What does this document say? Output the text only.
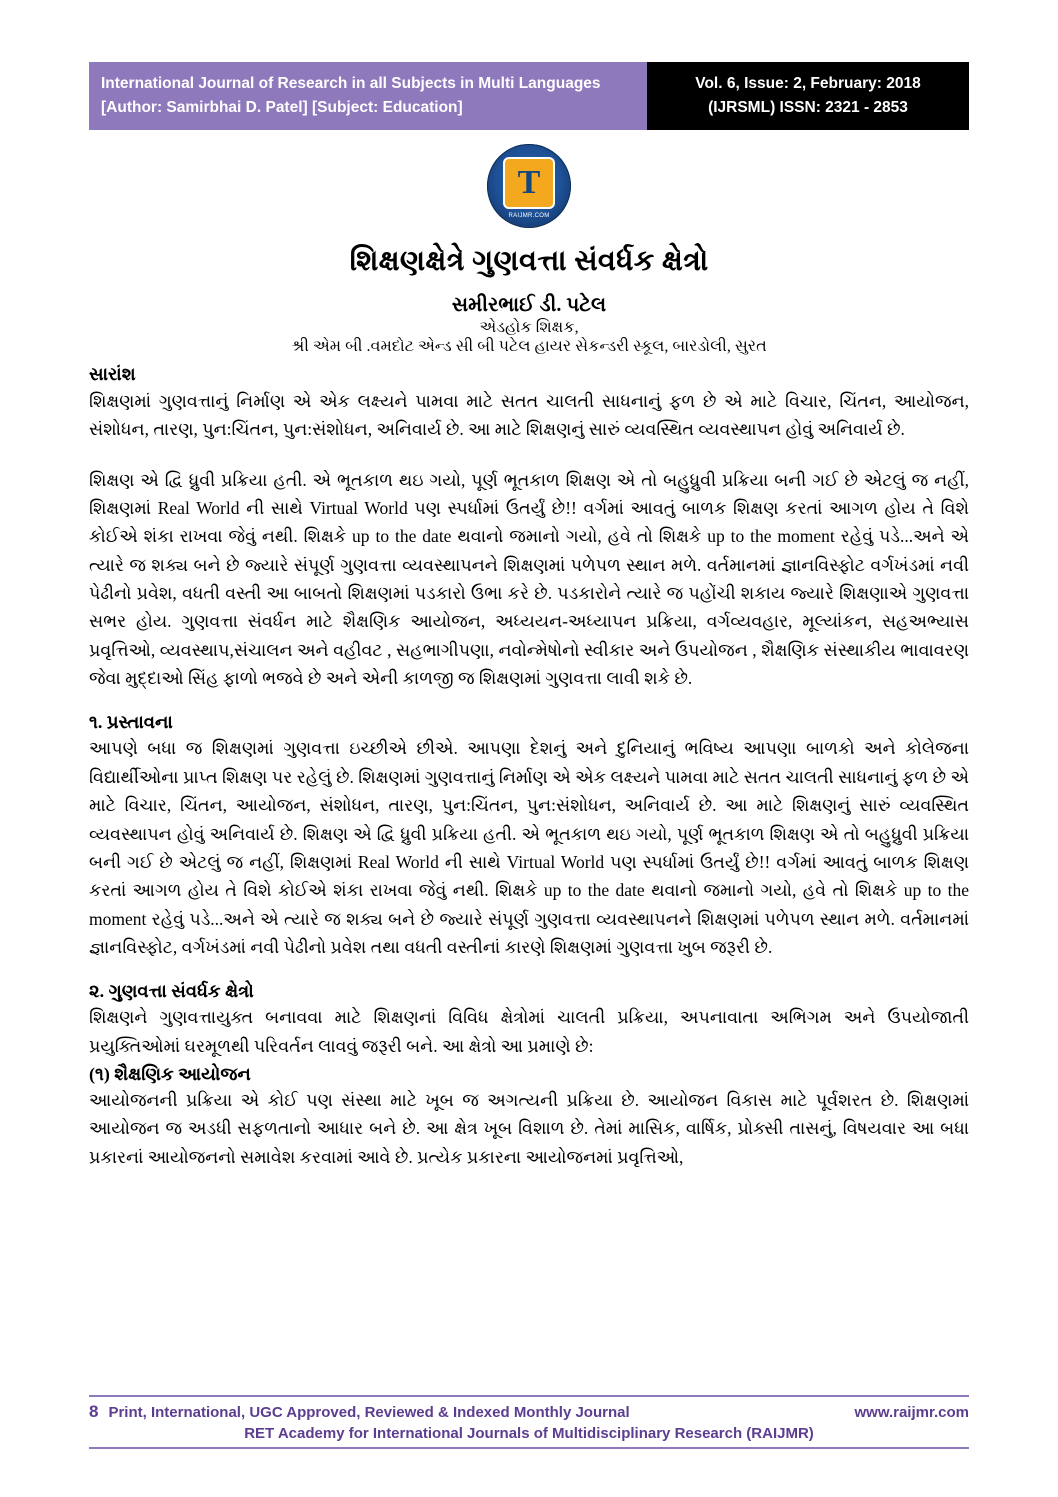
International Journal of Research in all Subjects in Multi Languages
[Author: Samirbhai D. Patel] [Subject: Education]
Vol. 6, Issue: 2, February: 2018
(IJRSML) ISSN: 2321 - 2853
T
RAIJMR.COM
શિક્ષણક્ષેત્રે ગુણવત્તા સંવર્ધક ક્ષેત્રો
સમીરભાઈ ડી. પટેલ
એડહોક શિક્ષક,
શ્રી એમ બી .વમદોટ એન્ડ સી બી પટેલ હાયર સેકન્ડરી સ્કૂલ, બારડોલી, સુરત
સારાંશ

શિક્ષણમાં ગુણવત્તાનું નિર્માણ એ એક લક્ષ્યને પામવા માટે સતત ચાલતી સાધનાનું ફળ છે એ માટે વિચાર, ચિંતન, આયોજન, સંશોધન, તારણ, પુન:ચિંતન, પુન:સંશોધન, અનિવાર્ય છે. આ માટે શિક્ષણનું સારું વ્યવસ્થિત વ્યવસ્થાપન હોવું અનિવાર્ય છે.

શિક્ષણ એ દ્વિ ધ્રુવી પ્રક્રિયા હતી. એ ભૂતકાળ થઇ ગયો, પૂર્ણ ભૂતકાળ શિક્ષણ એ તો બહુધ્રુવી પ્રક્રિયા બની ગઈ છે એટલું જ નહીં, શિક્ષણમાં Real World ની સાથે Virtual World પણ સ્પર્ધામાં ઉતર્યું છે!! વર્ગમાં આવતું બાળક શિક્ષણ કરતાં આગળ હોય તે વિશે કોઈએ શંકા રાખવા જેવું નથી. શિક્ષકે up to the date થવાનો જમાનો ગયો, હવે તો શિક્ષકે up to the moment રહેવું પડે...અને એ ત્યારે જ શક્ય બને છે જ્યારે સંપૂર્ણ ગુણવત્તા વ્યવસ્થાપનને શિક્ષણમાં પળેપળ સ્થાન મળે. વર્તમાનમાં જ્ઞાનવિસ્ફોટ વર્ગખંડમાં નવી પેઢીનો પ્રવેશ, વધતી વસ્તી આ બાબતો શિક્ષણમાં પડકારો ઉભા કરે છે. પડકારોને ત્યારે જ પહોંચી શકાય જ્યારે શિક્ષણાએ ગુણવત્તા સભર હોય. ગુણવત્તા સંવર્ધન માટે શૈક્ષણિક આયોજન, અધ્યયન-અધ્યાપન પ્રક્રિયા, વર્ગવ્યવહાર, મૂલ્યાંકન, સહઅભ્યાસ પ્રવૃત્તિઓ, વ્યવસ્થાપ,સંચાલન અને વહીવટ , સહભાગીપણા, નવોન્મેષોનો સ્વીકાર અને ઉપયોજન , શૈક્ષણિક સંસ્થાકીય ભાવાવરણ જેવા મુદ્દાઓ સિંહ ફાળો ભજવે છે અને એની કાળજી જ શિક્ષણમાં ગુણવત્તા લાવી શકે છે.

૧. પ્રસ્તાવના

આપણે બધા જ શિક્ષણમાં ગુણવત્તા ઇચ્છીએ છીએ. આપણા દેશનું અને દુનિયાનું ભવિષ્ય આપણા બાળકો અને કોલેજના વિદ્યાર્થીઓના પ્રાપ્ત શિક્ષણ પર રહેલું છે. શિક્ષણમાં ગુણવત્તાનું નિર્માણ એ એક લક્ષ્યને પામવા માટે સતત ચાલતી સાધનાનું ફળ છે એ માટે વિચાર, ચિંતન, આયોજન, સંશોધન, તારણ, પુન:ચિંતન, પુન:સંશોધન, અનિવાર્ય છે. આ માટે શિક્ષણનું સારું વ્યવસ્થિત વ્યવસ્થાપન હોવું અનિવાર્ય છે. શિક્ષણ એ દ્વિ ધ્રુવી પ્રક્રિયા હતી. એ ભૂતકાળ થઇ ગયો, પૂર્ણ ભૂતકાળ શિક્ષણ એ તો બહુધ્રુવી પ્રક્રિયા બની ગઈ છે એટલું જ નહીં, શિક્ષણમાં Real World ની સાથે Virtual World પણ સ્પર્ધામાં ઉતર્યું છે!! વર્ગમાં આવતું બાળક શિક્ષણ કરતાં આગળ હોય તે વિશે કોઈએ શંકા રાખવા જેવું નથી. શિક્ષકે up to the date થવાનો જમાનો ગયો, હવે તો શિક્ષકે up to the moment રહેવું પડે...અને એ ત્યારે જ શક્ય બને છે જ્યારે સંપૂર્ણ ગુણવત્તા વ્યવસ્થાપનને શિક્ષણમાં પળેપળ સ્થાન મળે. વર્તમાનમાં જ્ઞાનવિસ્ફોટ, વર્ગખંડમાં નવી પેઢીનો પ્રવેશ તથા વધતી વસ્તીનાં કારણે શિક્ષણમાં ગુણવત્તા ખુબ જરૂરી છે.

૨. ગુણવત્તા સંવર્ધક ક્ષેત્રો

શિક્ષણને ગુણવત્તાયુક્ત બનાવવા માટે શિક્ષણનાં વિવિધ ક્ષેત્રોમાં ચાલતી પ્રક્રિયા, અપનાવાતા અભિગમ અને ઉપયોજાતી પ્રયુક્તિઓમાં ઘરમૂળથી પરિવર્તન લાવવું જરૂરી બને. આ ક્ષેત્રો આ પ્રમાણે છે:

(૧) શૈક્ષણિક આયોજન

આયોજનની પ્રક્રિયા એ કોઈ પણ સંસ્થા માટે ખૂબ જ અગત્યની પ્રક્રિયા છે. આયોજન વિકાસ માટે પૂર્વશરત છે. શિક્ષણમાં આયોજન જ અડધી સફળતાનો આધાર બને છે. આ ક્ષેત્ર ખૂબ વિશાળ છે. તેમાં માસિક, વાર્ષિક, પ્રોક્સી તાસનું, વિષયવાર આ બધા પ્રકારનાં આયોજનનો સમાવેશ કરવામાં આવે છે. પ્રત્યેક પ્રકારના આયોજનમાં પ્રવૃત્તિઓ,

8 Print, International, UGC Approved, Reviewed & Indexed Monthly Journal	www.raijmr.com
RET Academy for International Journals of Multidisciplinary Research (RAIJMR)
